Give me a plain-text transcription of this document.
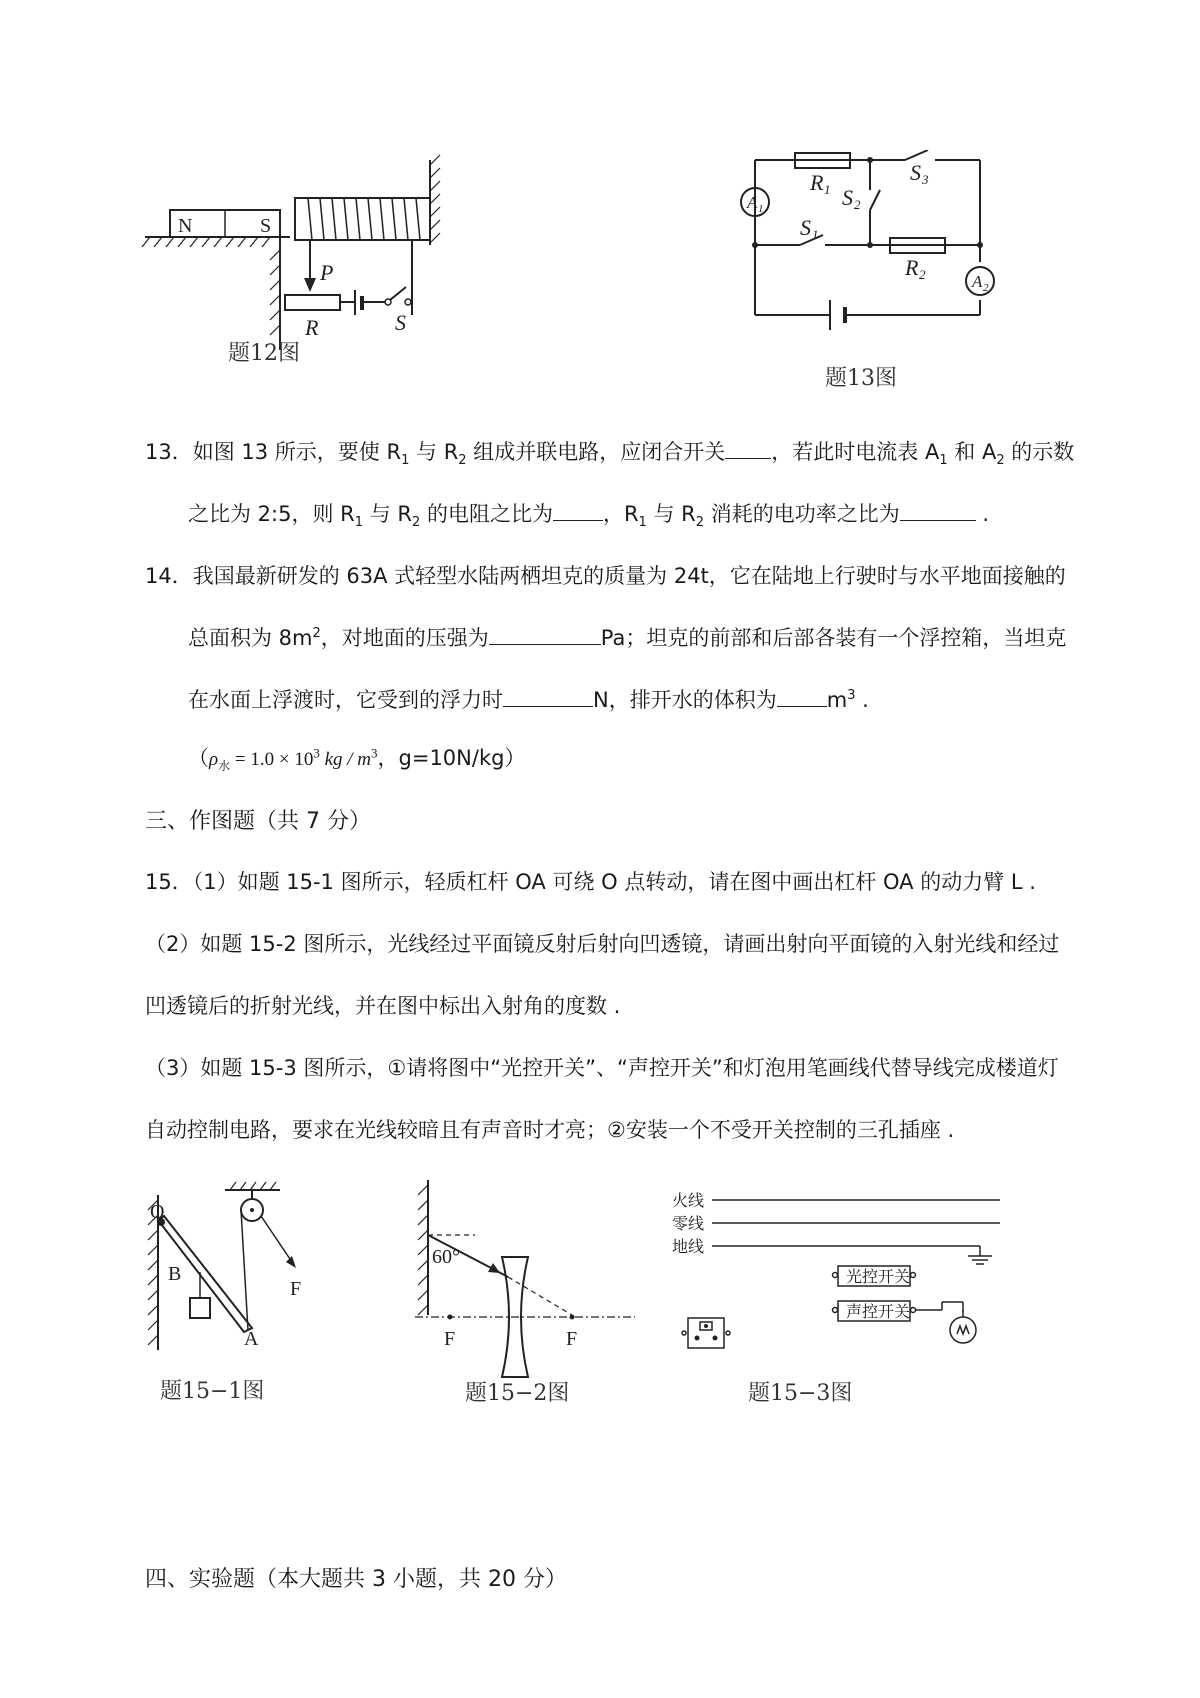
N	S
P
R	S
题12图
R 1
R 2
S 3
S 2
S 1
A 1
A 2
题13图
13．如图 13 所示，要使 $R_1$ 与 $R_2$ 组成并联电路，应闭合开关 ，若此时电流表 $A_1$ 和 $A_2$ 的示数
之比为 2:5，则 $R_1$ 与 $R_2$ 的电阻之比为 ，$R_1$ 与 $R_2$ 消耗的电功率之比为	.
14．我国最新研发的 63A 式轻型水陆两栖坦克的质量为 24t，它在陆地上行驶时与水平地面接触的
总面积为 $8m^2$，对地面的压强为	Pa；坦克的前部和后部各装有一个浮控箱，当坦克
在水面上浮渡时，它受到的浮力时	N，排开水的体积为 $m^3$ .
（$\rho_水 = 1.0 \times 10^3$ kg / $m^3$，g=10N/kg）
三、作图题（共 7 分）
15．（1）如题 15-1 图所示，轻质杠杆 OA 可绕 O 点转动，请在图中画出杠杆 OA 的动力臂 L .
（2）如题 15-2 图所示，光线经过平面镜反射后射向凹透镜，请画出射向平面镜的入射光线和经过
凹透镜后的折射光线，并在图中标出入射角的度数 .
（3）如题 15-3 图所示，①请将图中“光控开关”、“声控开关”和灯泡用笔画线代替导线完成楼道灯
自动控制电路，要求在光线较暗且有声音时才亮；②安装一个不受开关控制的三孔插座 .
O
B
A
F
题15−1图
60°
F	F
题15−2图
火线
零线
地线
光控开关
声控开关
题15−3图
四、实验题（本大题共 3 小题，共 20 分）
